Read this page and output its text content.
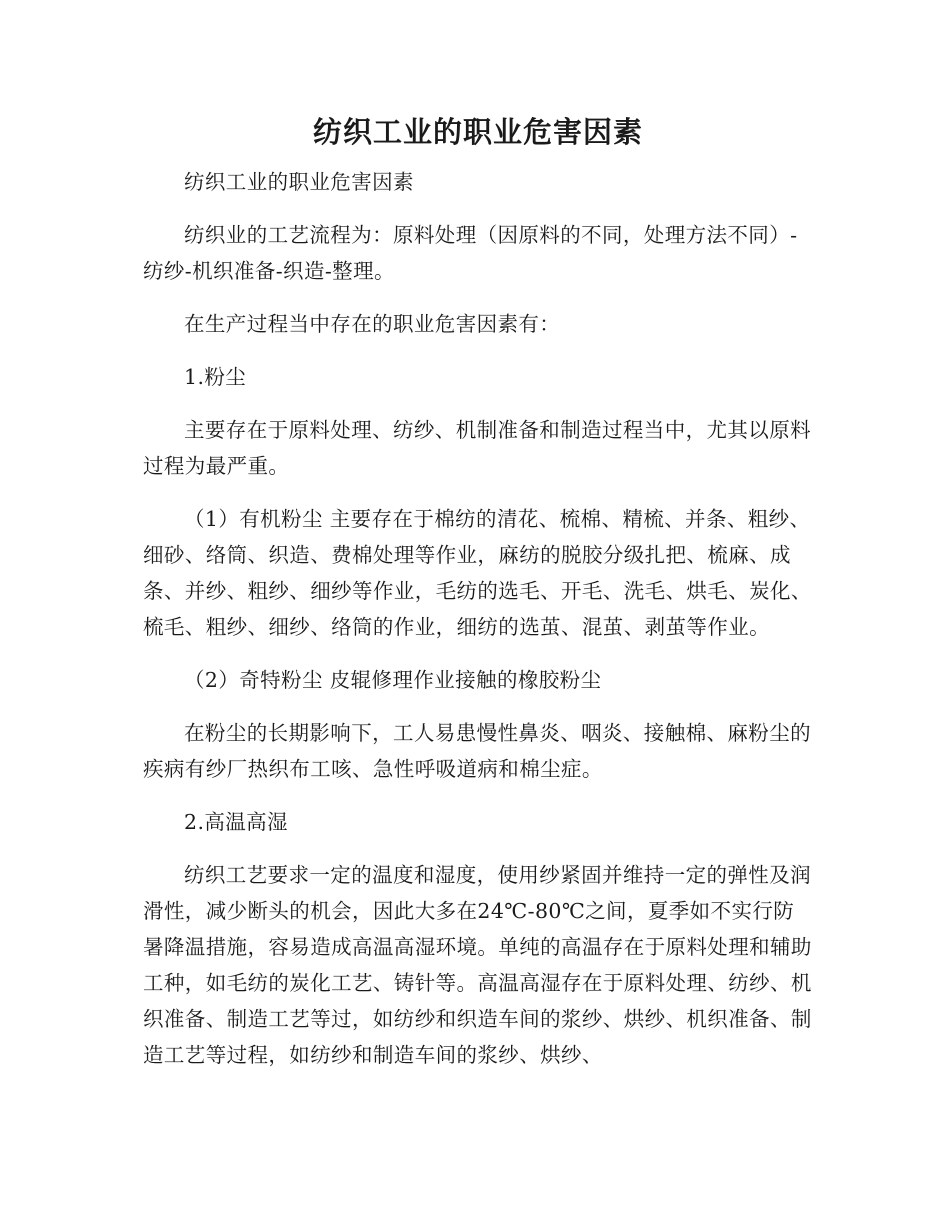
纺织工业的职业危害因素

纺织工业的职业危害因素

纺织业的工艺流程为：原料处理（因原料的不同，处理方法不同）-纺纱-机织准备-织造-整理。

在生产过程当中存在的职业危害因素有：

1.粉尘

主要存在于原料处理、纺纱、机制准备和制造过程当中，尤其以原料过程为最严重。

（1）有机粉尘 主要存在于棉纺的清花、梳棉、精梳、并条、粗纱、细砂、络筒、织造、费棉处理等作业，麻纺的脱胶分级扎把、梳麻、成条、并纱、粗纱、细纱等作业，毛纺的选毛、开毛、洗毛、烘毛、炭化、梳毛、粗纱、细纱、络筒的作业，细纺的选茧、混茧、剥茧等作业。

（2）奇特粉尘 皮辊修理作业接触的橡胶粉尘

在粉尘的长期影响下，工人易患慢性鼻炎、咽炎、接触棉、麻粉尘的疾病有纱厂热织布工咳、急性呼吸道病和棉尘症。

2.高温高湿

纺织工艺要求一定的温度和湿度，使用纱紧固并维持一定的弹性及润滑性，减少断头的机会，因此大多在24℃-80℃之间，夏季如不实行防暑降温措施，容易造成高温高湿环境。单纯的高温存在于原料处理和辅助工种，如毛纺的炭化工艺、铸针等。高温高湿存在于原料处理、纺纱、机织准备、制造工艺等过，如纺纱和织造车间的浆纱、烘纱、机织准备、制造工艺等过程，如纺纱和制造车间的浆纱、烘纱、
